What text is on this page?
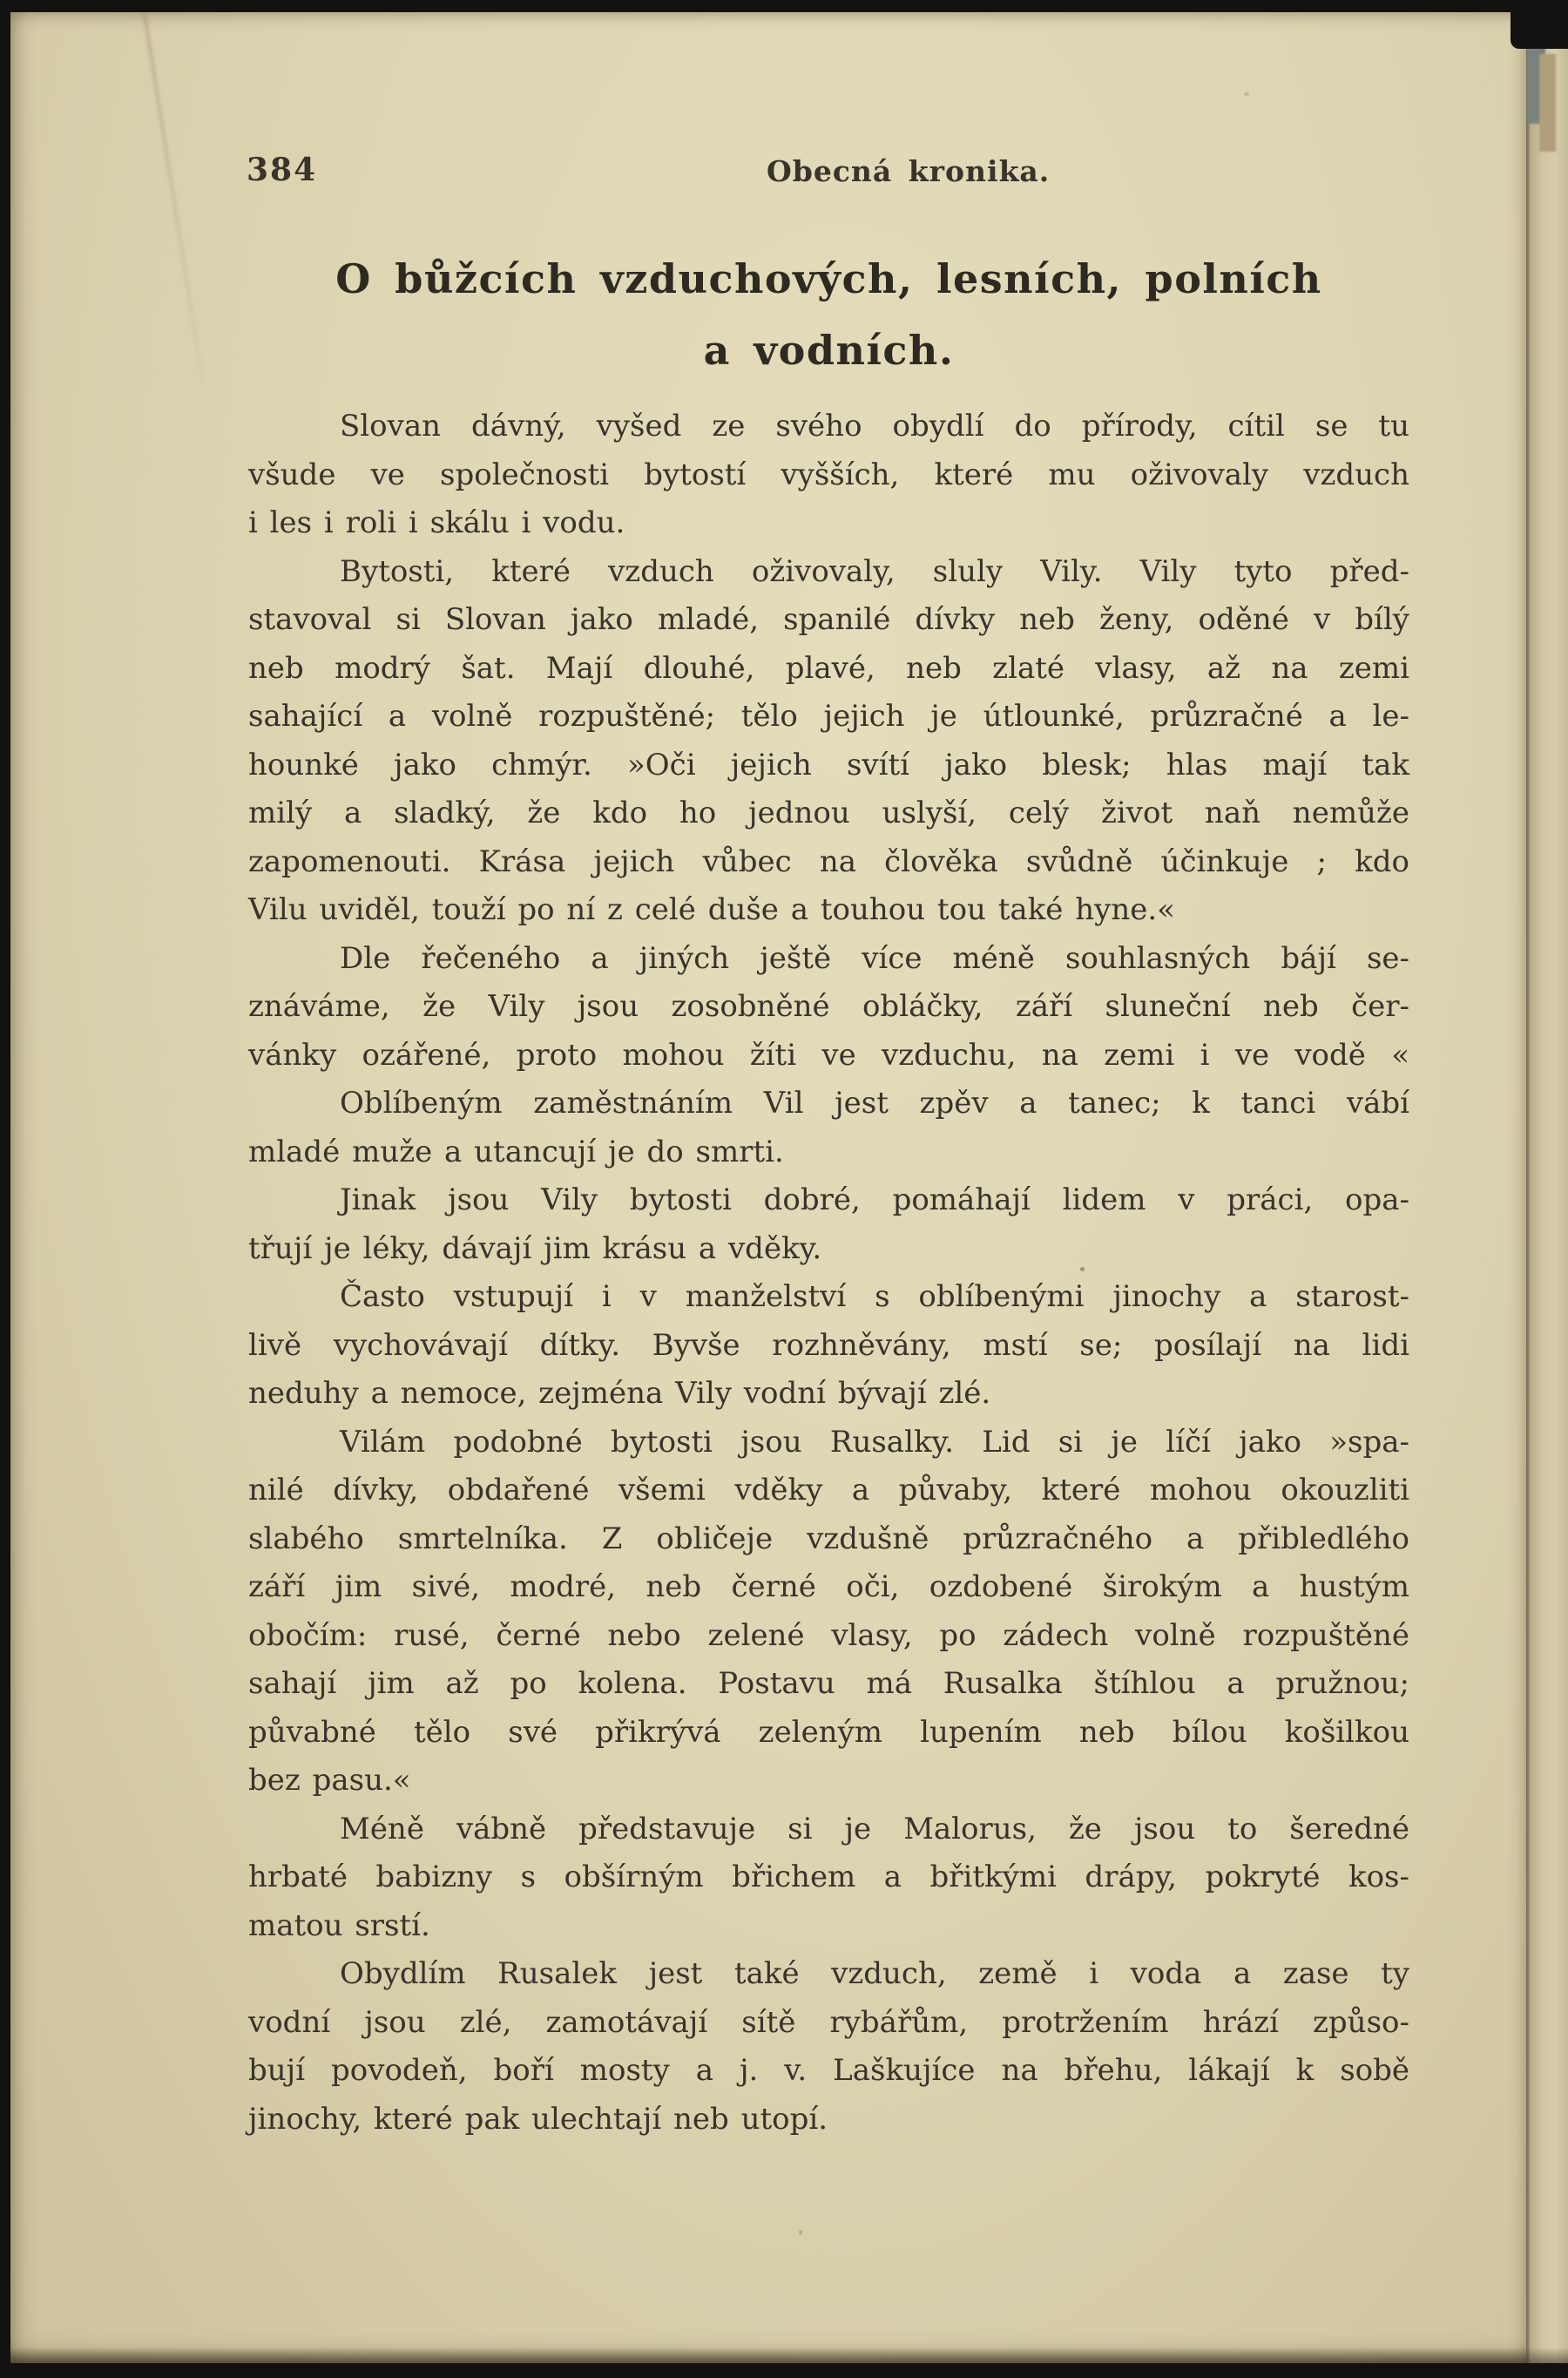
384	Obecná kronika.
O bůžcích vzduchových, lesních, polních
a vodních.
Slovan dávný, vyšed ze svého obydlí do přírody, cítil se tu
všude ve společnosti bytostí vyšších, které mu oživovaly vzduch
i les i roli i skálu i vodu.
Bytosti, které vzduch oživovaly, sluly Vily. Vily tyto před-
stavoval si Slovan jako mladé, spanilé dívky neb ženy, oděné v bílý
neb modrý šat. Mají dlouhé, plavé, neb zlaté vlasy, až na zemi
sahající a volně rozpuštěné; tělo jejich je útlounké, průzračné a le-
hounké jako chmýr. »Oči jejich svítí jako blesk; hlas mají tak
milý a sladký, že kdo ho jednou uslyší, celý život naň nemůže
zapomenouti. Krása jejich vůbec na člověka svůdně účinkuje ; kdo
Vilu uviděl, touží po ní z celé duše a touhou tou také hyne.«
Dle řečeného a jiných ještě více méně souhlasných bájí se-
znáváme, že Vily jsou zosobněné obláčky, září sluneční neb čer-
vánky ozářené, proto mohou žíti ve vzduchu, na zemi i ve vodě «
Oblíbeným zaměstnáním Vil jest zpěv a tanec; k tanci vábí
mladé muže a utancují je do smrti.
Jinak jsou Vily bytosti dobré, pomáhají lidem v práci, opa-
třují je léky, dávají jim krásu a vděky.
Často vstupují i v manželství s oblíbenými jinochy a starost-
livě vychovávají dítky. Byvše rozhněvány, mstí se; posílají na lidi
neduhy a nemoce, zejména Vily vodní bývají zlé.
Vilám podobné bytosti jsou Rusalky. Lid si je líčí jako »spa-
nilé dívky, obdařené všemi vděky a půvaby, které mohou okouzliti
slabého smrtelníka. Z obličeje vzdušně průzračného a přibledlého
září jim sivé, modré, neb černé oči, ozdobené širokým a hustým
obočím: rusé, černé nebo zelené vlasy, po zádech volně rozpuštěné
sahají jim až po kolena. Postavu má Rusalka štíhlou a pružnou;
půvabné tělo své přikrývá zeleným lupením neb bílou košilkou
bez pasu.«
Méně vábně představuje si je Malorus, že jsou to šeredné
hrbaté babizny s obšírným břichem a břitkými drápy, pokryté kos-
matou srstí.
Obydlím Rusalek jest také vzduch, země i voda a zase ty
vodní jsou zlé, zamotávají sítě rybářům, protržením hrází způso-
bují povodeň, boří mosty a j. v. Laškujíce na břehu, lákají k sobě
jinochy, které pak ulechtají neb utopí.
